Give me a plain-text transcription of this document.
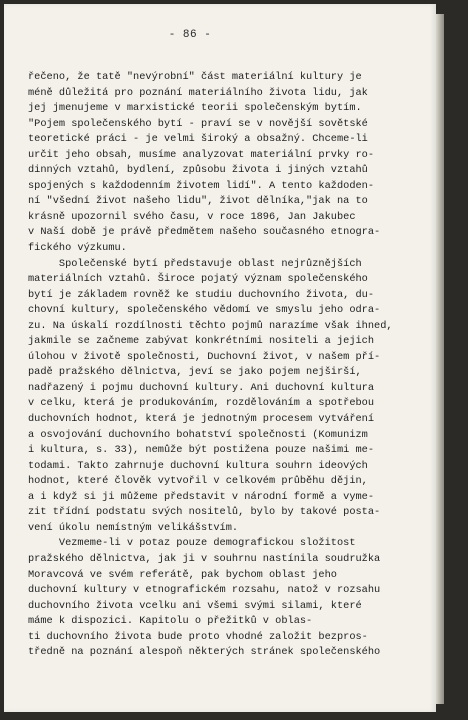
- 86 -
řečeno, že tatě "nevýrobní" část materiální kultury je
méně důležitá pro poznání materiálního života lidu, jak
jej jmenujeme v marxistické teorii společenským bytím.
"Pojem společenského bytí - praví se v novější sovětské
teoretické práci - je velmi široký a obsažný. Chceme-li
určit jeho obsah, musíme analyzovat materiální prvky ro-
dinných vztahů, bydlení, způsobu života i jiných vztahů
spojených s každodenním životem lidí". A tento každoden-
ní "všední život našeho lidu", život dělníka,"jak na to
krásně upozornil svého času, v roce 1896, Jan Jakubec
v Naší době je právě předmětem našeho současného etnogra-
fického výzkumu.
Společenské bytí představuje oblast nejrůznějších
materiálních vztahů. Široce pojatý význam společenského
bytí je základem rovněž ke studiu duchovního života, du-
chovní kultury, společenského vědomí ve smyslu jeho odra-
zu. Na úskalí rozdílnosti těchto pojmů narazíme však ihned,
jakmile se začneme zabývat konkrétními nositeli a jejich
úlohou v životě společnosti, Duchovní život, v našem pří-
padě pražského dělnictva, jeví se jako pojem nejširší,
nadřazený i pojmu duchovní kultury. Ani duchovní kultura
v celku, která je produkováním, rozdělováním a spotřebou
duchovních hodnot, která je jednotným procesem vytváření
a osvojování duchovního bohatství společnosti (Komunizm
i kultura, s. 33), nemůže být postižena pouze našimi me-
todami. Takto zahrnuje duchovní kultura souhrn ideových
hodnot, které člověk vytvořil v celkovém průběhu dějin,
a i když si ji můžeme představit v národní formě a vyme-
zit třídní podstatu svých nositelů, bylo by takové posta-
vení úkolu nemístným velikášstvím.
Vezmeme-li v potaz pouze demografickou složitost
pražského dělnictva, jak ji v souhrnu nastínila soudružka
Moravcová ve svém referátě, pak bychom oblast jeho
duchovní kultury v etnografickém rozsahu, natož v rozsahu
duchovního života vcelku ani všemi svými silami, které
máme k dispozici. Kapitolu o přežitků v oblas-
ti duchovního života bude proto vhodné založit bezpros-
tředně na poznání alespoň některých stránek společenského
